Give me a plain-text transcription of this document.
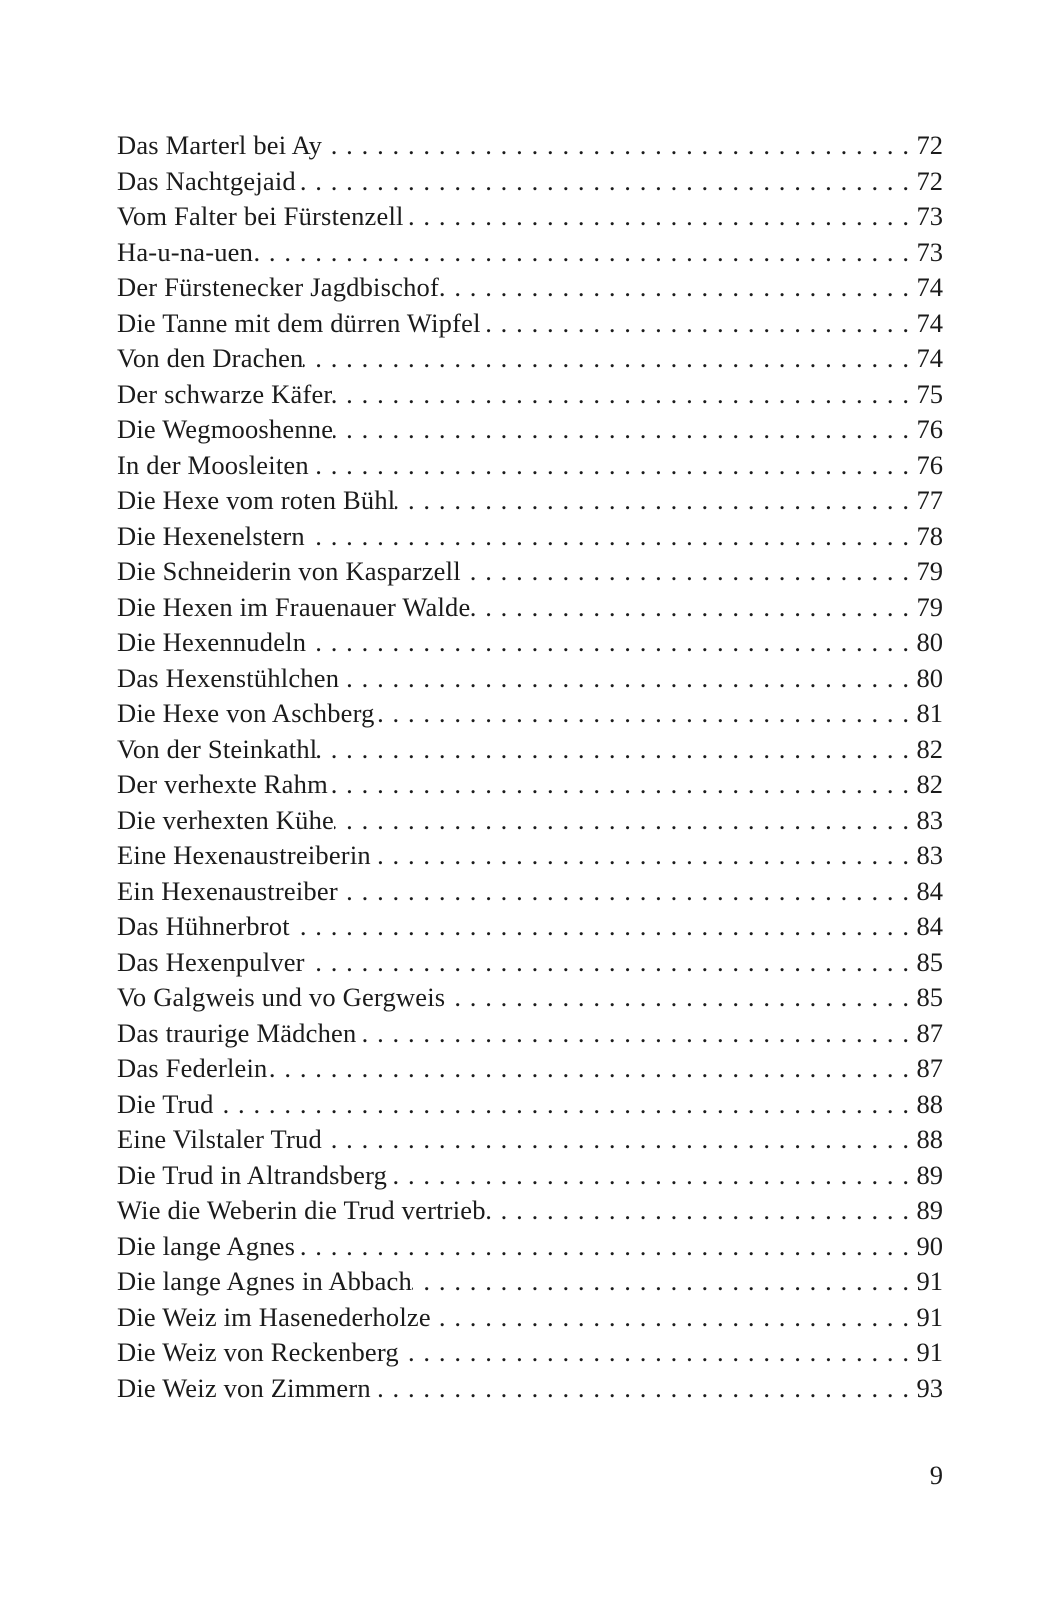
Das Marterl bei Ay . . .	72
Das Nachtgejaid . . .	72
Vom Falter bei Fürstenzell . . .	73
Ha-u-na-uen . . .	73
Der Fürstenecker Jagdbischof . . .	74
Die Tanne mit dem dürren Wipfel . . .	74
Von den Drachen . . .	74
Der schwarze Käfer . . .	75
Die Wegmooshenne . . .	76
In der Moosleiten . . .	76
Die Hexe vom roten Bühl . . .	77
Die Hexenelstern . . .	78
Die Schneiderin von Kasparzell . . .	79
Die Hexen im Frauenauer Walde . . .	79
Die Hexennudeln . . .	80
Das Hexenstühlchen . . .	80
Die Hexe von Aschberg . . .	81
Von der Steinkathl . . .	82
Der verhexte Rahm . . .	82
Die verhexten Kühe . . .	83
Eine Hexenaustreiberin . . .	83
Ein Hexenaustreiber . . .	84
Das Hühnerbrot . . .	84
Das Hexenpulver . . .	85
Vo Galgweis und vo Gergweis . . .	85
Das traurige Mädchen . . .	87
Das Federlein . . .	87
Die Trud . . .	88
Eine Vilstaler Trud . . .	88
Die Trud in Altrandsberg . . .	89
Wie die Weberin die Trud vertrieb . . .	89
Die lange Agnes . . .	90
Die lange Agnes in Abbach . . .	91
Die Weiz im Hasenederholze . . .	91
Die Weiz von Reckenberg . . .	91
Die Weiz von Zimmern . . .	93
9
